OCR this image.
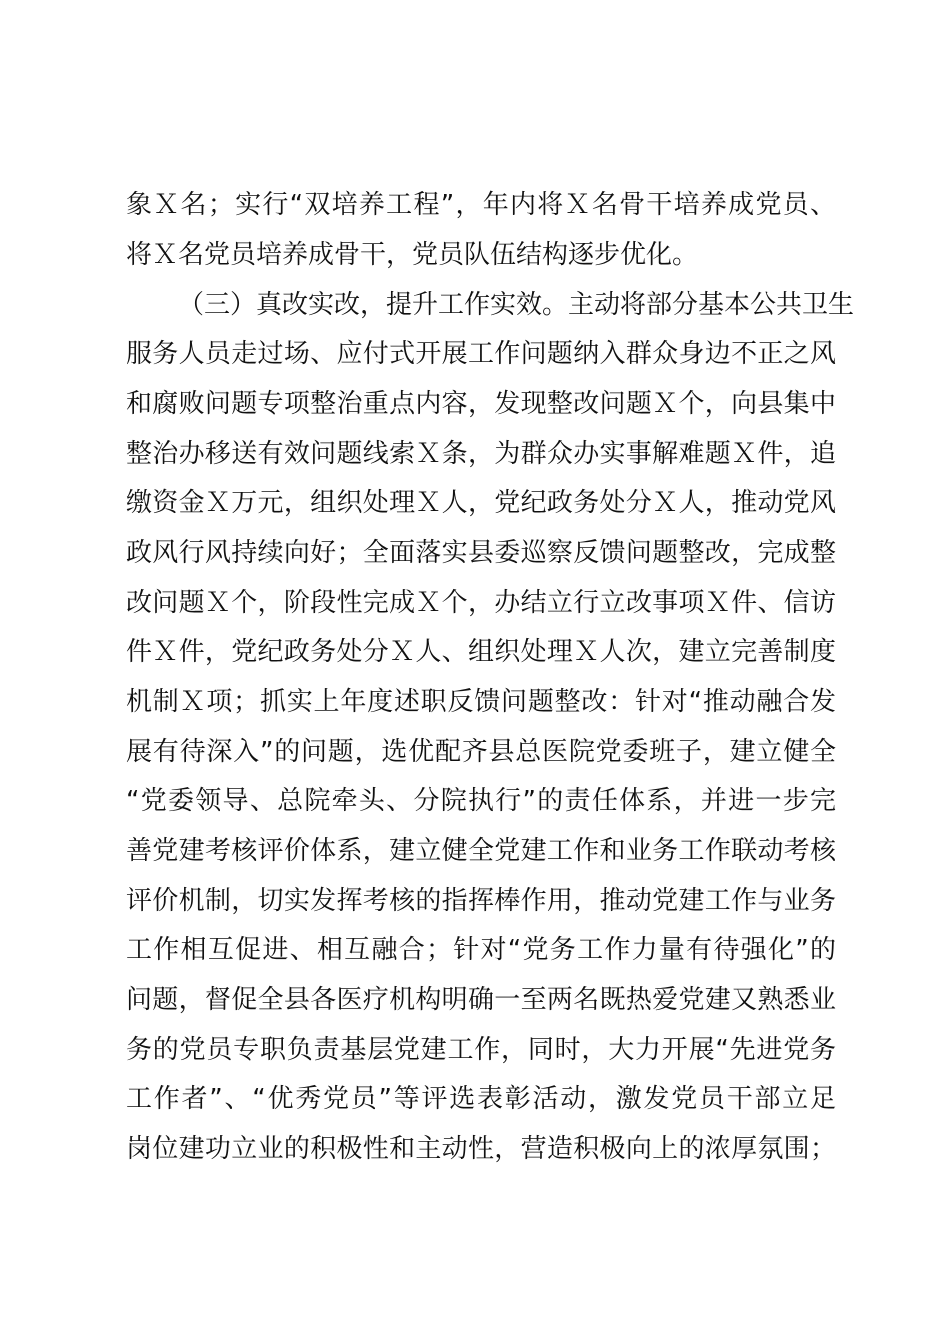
象Ｘ名；实行“双培养工程”，年内将Ｘ名骨干培养成党员、
将Ｘ名党员培养成骨干，党员队伍结构逐步优化。
（三）真改实改，提升工作实效。主动将部分基本公共卫生
服务人员走过场、应付式开展工作问题纳入群众身边不正之风
和腐败问题专项整治重点内容，发现整改问题Ｘ个，向县集中
整治办移送有效问题线索Ｘ条，为群众办实事解难题Ｘ件，追
缴资金Ｘ万元，组织处理Ｘ人，党纪政务处分Ｘ人，推动党风
政风行风持续向好；全面落实县委巡察反馈问题整改，完成整
改问题Ｘ个，阶段性完成Ｘ个，办结立行立改事项Ｘ件、信访
件Ｘ件，党纪政务处分Ｘ人、组织处理Ｘ人次，建立完善制度
机制Ｘ项；抓实上年度述职反馈问题整改：针对“推动融合发
展有待深入”的问题，选优配齐县总医院党委班子，建立健全
“党委领导、总院牵头、分院执行”的责任体系，并进一步完
善党建考核评价体系，建立健全党建工作和业务工作联动考核
评价机制，切实发挥考核的指挥棒作用，推动党建工作与业务
工作相互促进、相互融合；针对“党务工作力量有待强化”的
问题，督促全县各医疗机构明确一至两名既热爱党建又熟悉业
务的党员专职负责基层党建工作，同时，大力开展“先进党务
工作者”、“优秀党员”等评选表彰活动，激发党员干部立足
岗位建功立业的积极性和主动性，营造积极向上的浓厚氛围；
